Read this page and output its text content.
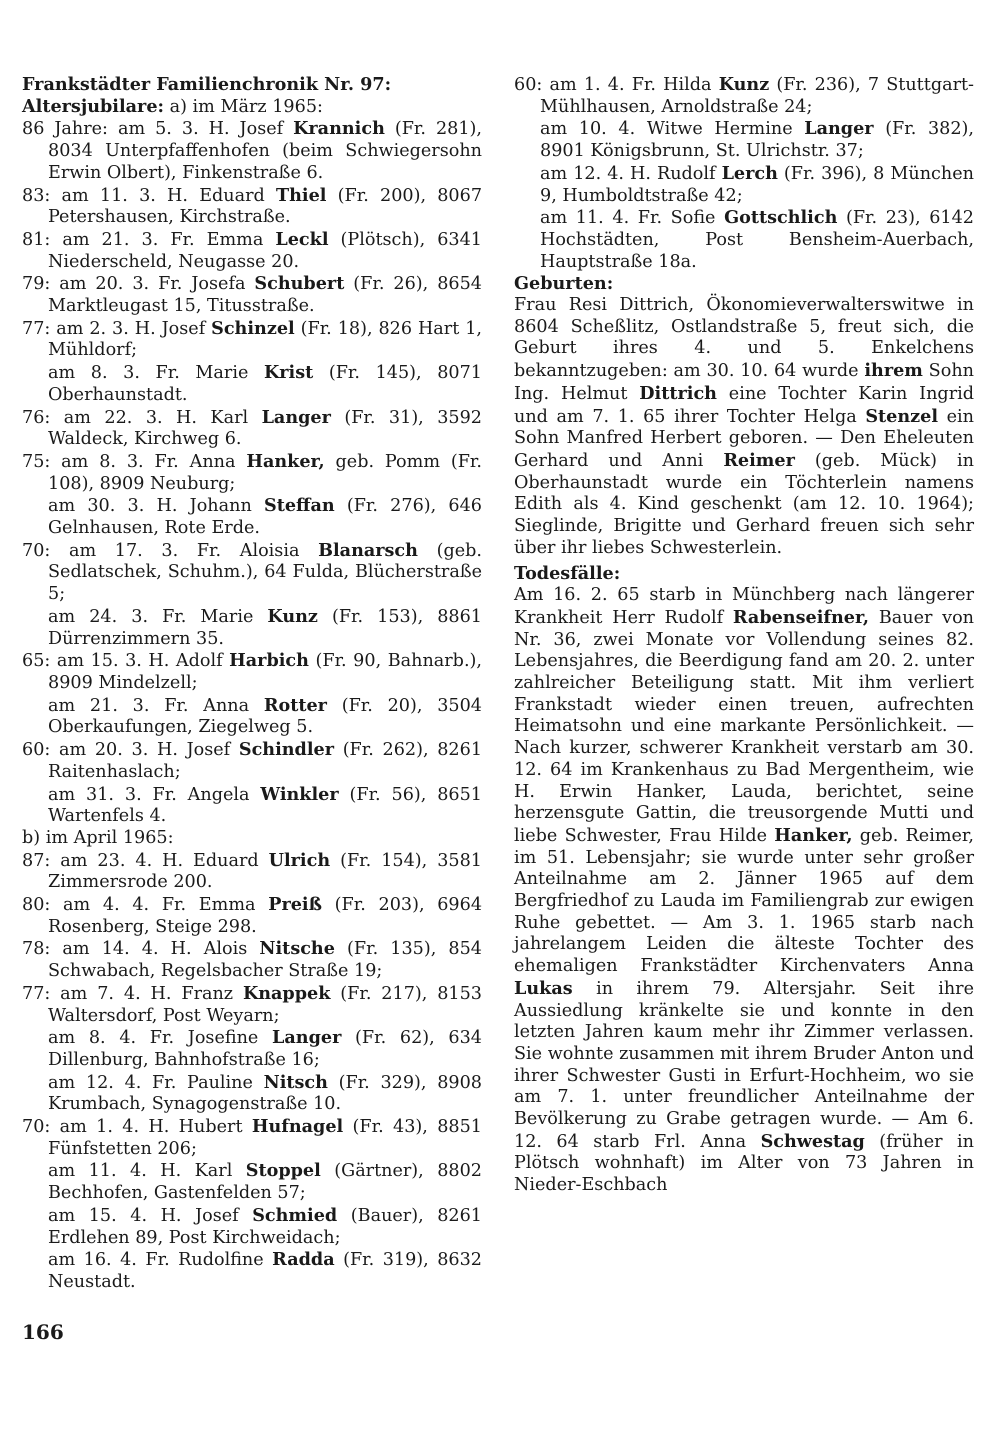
Frankstädter Familienchronik Nr. 97:

Altersjubilare: a) im März 1965:

86 Jahre: am 5. 3. H. Josef Krannich (Fr. 281), 8034 Unterpfaffenhofen (beim Schwiegersohn Erwin Olbert), Finkenstraße 6.

83: am 11. 3. H. Eduard Thiel (Fr. 200), 8067 Petershausen, Kirchstraße.

81: am 21. 3. Fr. Emma Leckl (Plötsch), 6341 Niederscheld, Neugasse 20.

79: am 20. 3. Fr. Josefa Schubert (Fr. 26), 8654 Marktleugast 15, Titusstraße.

77: am 2. 3. H. Josef Schinzel (Fr. 18), 826 Hart 1, Mühldorf;

am 8. 3. Fr. Marie Krist (Fr. 145), 8071 Oberhaunstadt.

76: am 22. 3. H. Karl Langer (Fr. 31), 3592 Waldeck, Kirchweg 6.

75: am 8. 3. Fr. Anna Hanker, geb. Pomm (Fr. 108), 8909 Neuburg;

am 30. 3. H. Johann Steffan (Fr. 276), 646 Gelnhausen, Rote Erde.

70: am 17. 3. Fr. Aloisia Blanarsch (geb. Sedlatschek, Schuhm.), 64 Fulda, Blücherstraße 5;

am 24. 3. Fr. Marie Kunz (Fr. 153), 8861 Dürrenzimmern 35.

65: am 15. 3. H. Adolf Harbich (Fr. 90, Bahnarb.), 8909 Mindelzell;

am 21. 3. Fr. Anna Rotter (Fr. 20), 3504 Oberkaufungen, Ziegelweg 5.

60: am 20. 3. H. Josef Schindler (Fr. 262), 8261 Raitenhaslach;

am 31. 3. Fr. Angela Winkler (Fr. 56), 8651 Wartenfels 4.

b) im April 1965:

87: am 23. 4. H. Eduard Ulrich (Fr. 154), 3581 Zimmersrode 200.

80: am 4. 4. Fr. Emma Preiß (Fr. 203), 6964 Rosenberg, Steige 298.

78: am 14. 4. H. Alois Nitsche (Fr. 135), 854 Schwabach, Regelsbacher Straße 19;

77: am 7. 4. H. Franz Knappek (Fr. 217), 8153 Waltersdorf, Post Weyarn;

am 8. 4. Fr. Josefine Langer (Fr. 62), 634 Dillenburg, Bahnhofstraße 16;

am 12. 4. Fr. Pauline Nitsch (Fr. 329), 8908 Krumbach, Synagogenstraße 10.

70: am 1. 4. H. Hubert Hufnagel (Fr. 43), 8851 Fünfstetten 206;

am 11. 4. H. Karl Stoppel (Gärtner), 8802 Bechhofen, Gastenfelden 57;

am 15. 4. H. Josef Schmied (Bauer), 8261 Erdlehen 89, Post Kirchweidach;

am 16. 4. Fr. Rudolfine Radda (Fr. 319), 8632 Neustadt.

60: am 1. 4. Fr. Hilda Kunz (Fr. 236), 7 Stuttgart-Mühlhausen, Arnoldstraße 24;

am 10. 4. Witwe Hermine Langer (Fr. 382), 8901 Königsbrunn, St. Ulrichstr. 37;

am 12. 4. H. Rudolf Lerch (Fr. 396), 8 München 9, Humboldtstraße 42;

am 11. 4. Fr. Sofie Gottschlich (Fr. 23), 6142 Hochstädten, Post Bensheim-Auerbach, Hauptstraße 18a.

Geburten:

Frau Resi Dittrich, Ökonomieverwalterswitwe in 8604 Scheßlitz, Ostlandstraße 5, freut sich, die Geburt ihres 4. und 5. Enkelchens bekanntzugeben: am 30. 10. 64 wurde ihrem Sohn Ing. Helmut Dittrich eine Tochter Karin Ingrid und am 7. 1. 65 ihrer Tochter Helga Stenzel ein Sohn Manfred Herbert geboren. — Den Eheleuten Gerhard und Anni Reimer (geb. Mück) in Oberhaunstadt wurde ein Töchterlein namens Edith als 4. Kind geschenkt (am 12. 10. 1964); Sieglinde, Brigitte und Gerhard freuen sich sehr über ihr liebes Schwesterlein.

Todesfälle:

Am 16. 2. 65 starb in Münchberg nach längerer Krankheit Herr Rudolf Rabenseifner, Bauer von Nr. 36, zwei Monate vor Vollendung seines 82. Lebensjahres, die Beerdigung fand am 20. 2. unter zahlreicher Beteiligung statt. Mit ihm verliert Frankstadt wieder einen treuen, aufrechten Heimatsohn und eine markante Persönlichkeit. — Nach kurzer, schwerer Krankheit verstarb am 30. 12. 64 im Krankenhaus zu Bad Mergentheim, wie H. Erwin Hanker, Lauda, berichtet, seine herzensgute Gattin, die treusorgende Mutti und liebe Schwester, Frau Hilde Hanker, geb. Reimer, im 51. Lebensjahr; sie wurde unter sehr großer Anteilnahme am 2. Jänner 1965 auf dem Bergfriedhof zu Lauda im Familiengrab zur ewigen Ruhe gebettet. — Am 3. 1. 1965 starb nach jahrelangem Leiden die älteste Tochter des ehemaligen Frankstädter Kirchenvaters Anna Lukas in ihrem 79. Altersjahr. Seit ihre Aussiedlung kränkelte sie und konnte in den letzten Jahren kaum mehr ihr Zimmer verlassen. Sie wohnte zusammen mit ihrem Bruder Anton und ihrer Schwester Gusti in Erfurt-Hochheim, wo sie am 7. 1. unter freundlicher Anteilnahme der Bevölkerung zu Grabe getragen wurde. — Am 6. 12. 64 starb Frl. Anna Schwestag (früher in Plötsch wohnhaft) im Alter von 73 Jahren in Nieder-Eschbach

166
